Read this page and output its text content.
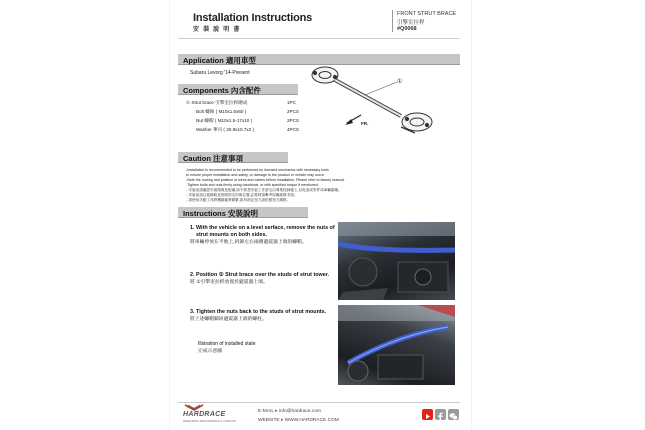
Installation Instructions
安 裝 說 明 書
FRONT STRUT BRACE
引擎室拉桿
#Q0068
Application 適用車型
Subaru Levorg '14-Present
Components 內含配件
① Strut brace 引擎室拉桿總成	1PC
Bolt 螺絲 ( M10x1.5x60 )	2PCS
Nut 螺帽 ( M10x1.5-17x10 )	2PCS
Washer 華司 ( 20.8x10.7x2 )	4PCS
①
FR.
Caution 注意事項
-Installation is recommended to be performed by licensed mechanics with necessary tools
to ensure proper installation and safety, or damage to the product or vehicle may occur.
-Note the routing and position of wires and cables before installation. Please refer to factory manual.
-Tighten bolts and nuts firmly using handtools, or with specified torque if mentioned.
- 安裝前請確認安裝環境及配備,如不熟悉安裝工作請交由專業技師施工,以免造成零件或車輛損壞。
- 安裝前請注意線路及管路的走向與位置,必要時請參考原廠維修手冊。
- 請使用手動工具將螺絲確實鎖緊,如有指定扭力請依照扭力鎖附。
Instructions 安裝說明
1. With the vehicle on a level serface, remove the nuts of
strut mounts on both sides.
將車輛停放在平地上,拆卸左右兩側避震器上端的螺帽。
2. Position ① Strut brace over the studs of strut tower.
將 ①引擎室拉桿放置於避震器上端。
3. Tighten the nuts back to the studs of strut mounts.
將上述螺帽鎖回避震器上端的螺柱。
Illstration of installed state
完成示意圖
HARDRACE
REDEFINING PERFORMANCE & COMFORT
E-MAIL ▸ info@hardrace.com
WEBSITE ▸ WWW.HARDRACE.COM
